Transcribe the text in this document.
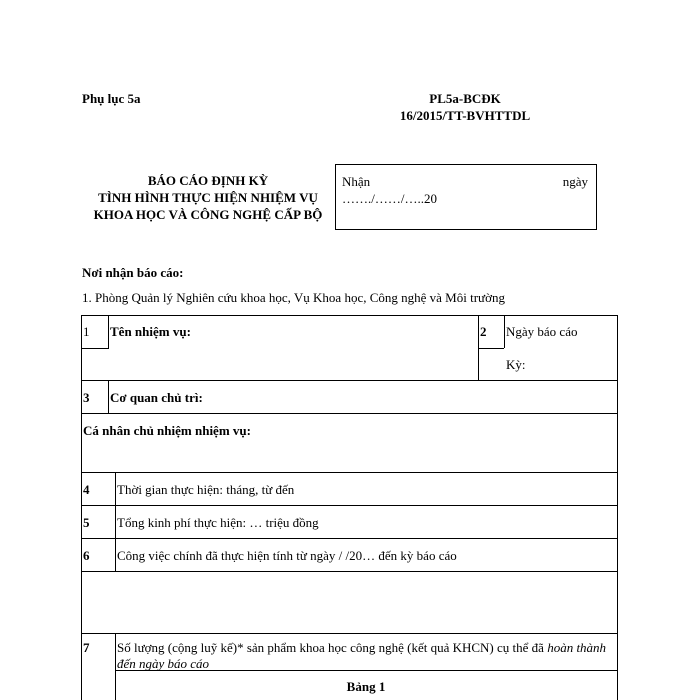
Phụ lục 5a	PL5a-BCĐK
16/2015/TT-BVHTTDL
BÁO CÁO ĐỊNH KỲ
TÌNH HÌNH THỰC HIỆN NHIỆM VỤ
KHOA HỌC VÀ CÔNG NGHỆ CẤP BỘ
Nhận	ngày
……./……/…..20
Nơi nhận báo cáo:
1. Phòng Quản lý Nghiên cứu khoa học, Vụ Khoa học, Công nghệ và Môi trường
1 Tên nhiệm vụ:	2 Ngày báo cáo
Kỳ:
3 Cơ quan chủ trì:
Cá nhân chủ nhiệm nhiệm vụ:
4 Thời gian thực hiện: tháng, từ đến
5 Tổng kinh phí thực hiện: … triệu đồng
6 Công việc chính đã thực hiện tính từ ngày / /20… đến kỳ báo cáo
7 Số lượng (cộng luỹ kế)* sản phẩm khoa học công nghệ (kết quả KHCN) cụ thể đã hoàn thành đến ngày báo cáo
Bảng 1
